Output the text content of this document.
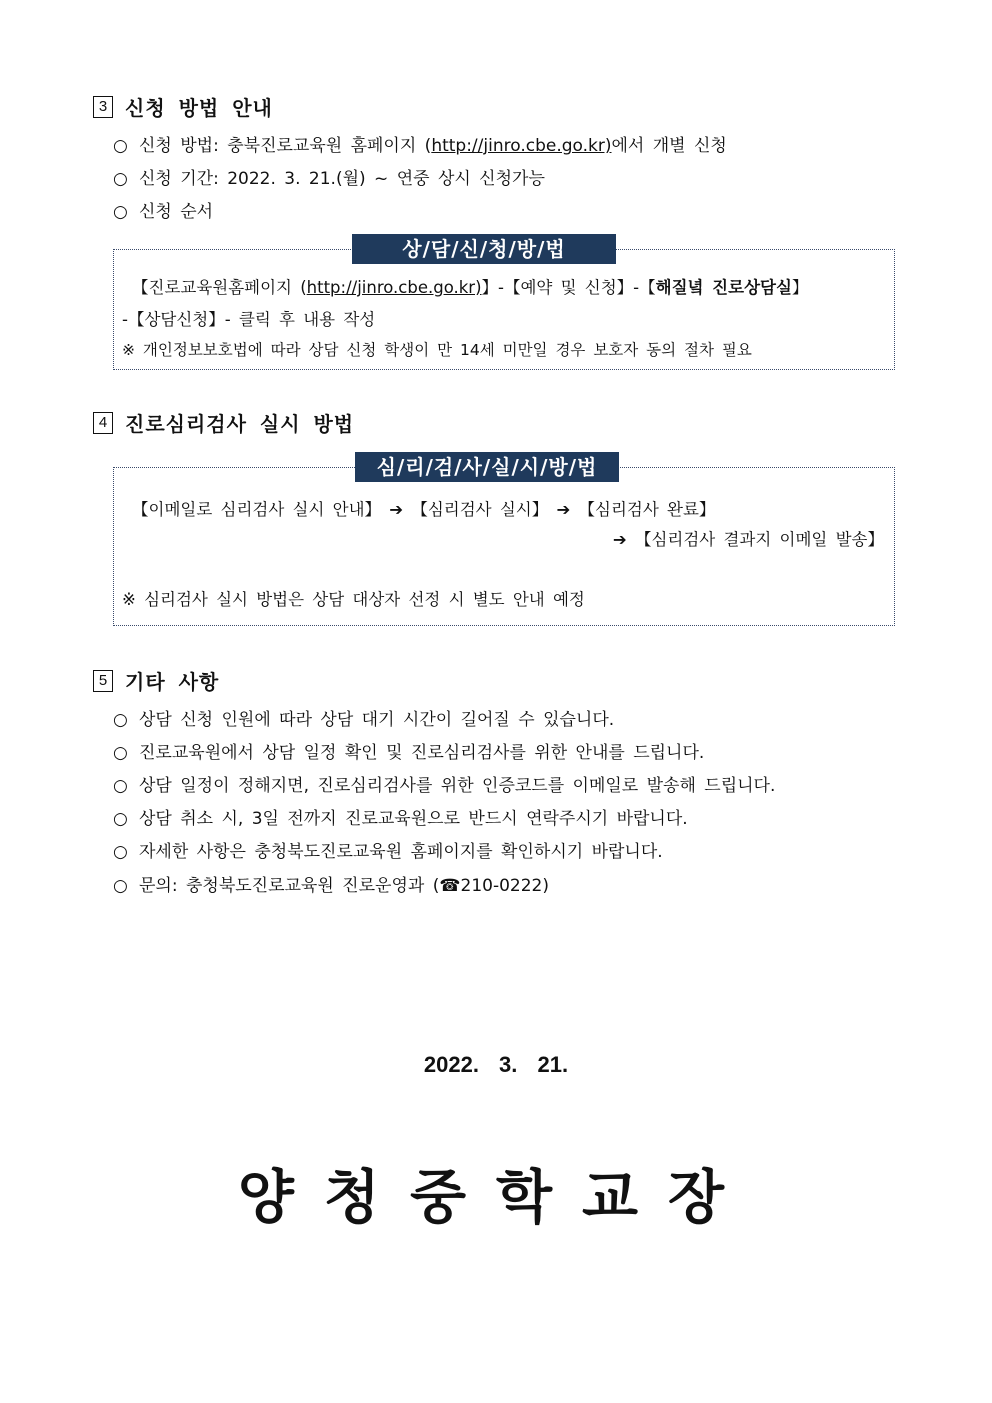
3 신청 방법 안내
○ 신청 방법: 충북진로교육원 홈페이지 (http://jinro.cbe.go.kr)에서 개별 신청
○ 신청 기간: 2022. 3. 21.(월) ~ 연중 상시 신청가능
○ 신청 순서
상/담/신/청/방/법
【진로교육원홈페이지 (http://jinro.cbe.go.kr)】-【예약 및 신청】-【해질녘 진로상담실】
-【상담신청】- 클릭 후 내용 작성
※ 개인정보보호법에 따라 상담 신청 학생이 만 14세 미만일 경우 보호자 동의 절차 필요
4 진로심리검사 실시 방법
심/리/검/사/실/시/방/법
【이메일로 심리검사 실시 안내】 ➔ 【심리검사 실시】 ➔ 【심리검사 완료】
➔ 【심리검사 결과지 이메일 발송】
※ 심리검사 실시 방법은 상담 대상자 선정 시 별도 안내 예정
5 기타 사항
○ 상담 신청 인원에 따라 상담 대기 시간이 길어질 수 있습니다.
○ 진로교육원에서 상담 일정 확인 및 진로심리검사를 위한 안내를 드립니다.
○ 상담 일정이 정해지면, 진로심리검사를 위한 인증코드를 이메일로 발송해 드립니다.
○ 상담 취소 시, 3일 전까지 진로교육원으로 반드시 연락주시기 바랍니다.
○ 자세한 사항은 충청북도진로교육원 홈페이지를 확인하시기 바랍니다.
○ 문의: 충청북도진로교육원 진로운영과 (☎210-0222)
2022. 3. 21.
양청중학교장
